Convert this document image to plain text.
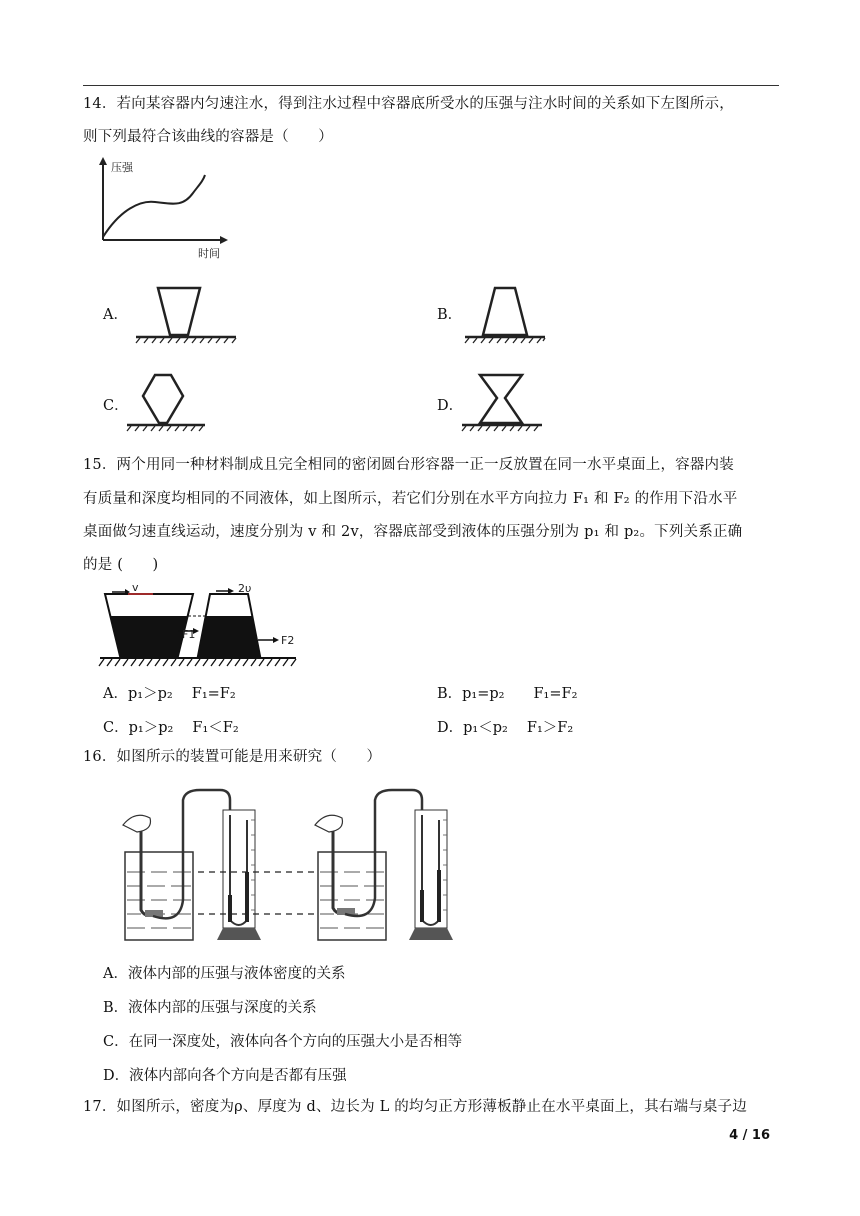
14．若向某容器内匀速注水，得到注水过程中容器底所受水的压强与注水时间的关系如下左图所示，
则下列最符合该曲线的容器是（　　）
压强
时间
A．	B．
C．	D．
15．两个用同一种材料制成且完全相同的密闭圆台形容器一正一反放置在同一水平桌面上，容器内装
有质量和深度均相同的不同液体，如上图所示，若它们分别在水平方向拉力 F₁ 和 F₂ 的作用下沿水平
桌面做匀速直线运动，速度分别为 v 和 2v，容器底部受到液体的压强分别为 p₁ 和 p₂。下列关系正确
的是 (　　)
v
F1
2υ
F2
A．p₁＞p₂　 F₁=F₂	B．p₁=p₂　　F₁=F₂
C．p₁＞p₂　 F₁＜F₂	D．p₁＜p₂　 F₁＞F₂
16．如图所示的装置可能是用来研究（　　）
A．液体内部的压强与液体密度的关系
B．液体内部的压强与深度的关系
C．在同一深度处，液体向各个方向的压强大小是否相等
D．液体内部向各个方向是否都有压强
17．如图所示，密度为ρ、厚度为 d、边长为 L 的均匀正方形薄板静止在水平桌面上，其右端与桌子边
4 / 16
